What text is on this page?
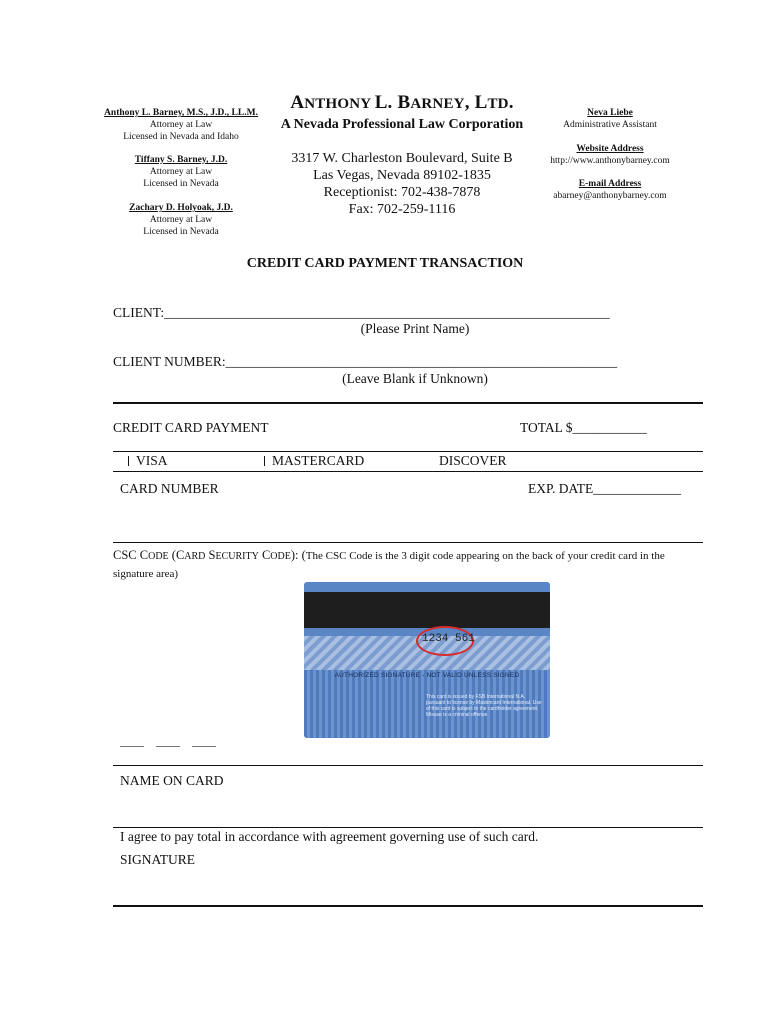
Anthony L. Barney, M.S., J.D., LL.M.
Attorney at Law
Licensed in Nevada and Idaho
Tiffany S. Barney, J.D.
Attorney at Law
Licensed in Nevada
Zachary D. Holyoak, J.D.
Attorney at Law
Licensed in Nevada
ANTHONY L. BARNEY, LTD.
A Nevada Professional Law Corporation
3317 W. Charleston Boulevard, Suite B
Las Vegas, Nevada 89102-1835
Receptionist: 702-438-7878
Fax: 702-259-1116
Neva Liebe
Administrative Assistant
Website Address
http://www.anthonybarney.com
E-mail Address
abarney@anthonybarney.com
CREDIT CARD PAYMENT TRANSACTION
CLIENT:__________________________________________________________________
(Please Print Name)
CLIENT NUMBER:__________________________________________________________
(Leave Blank if Unknown)
CREDIT CARD PAYMENT	TOTAL $___________
VISA	MASTERCARD	DISCOVER
CARD NUMBER	EXP. DATE_____________
CSC CODE (CARD SECURITY CODE): (The CSC Code is the 3 digit code appearing on the back of your credit card in the signature area)
1234 561
AUTHORIZED SIGNATURE - NOT VALID UNLESS SIGNED
This card is issued by FSB International N.A. pursuant to license by Mastercard International. Use of this card is subject to the cardholder agreement. Misuse is a criminal offense.
____    ____    ____
NAME ON CARD
I agree to pay total in accordance with agreement governing use of such card.
SIGNATURE
